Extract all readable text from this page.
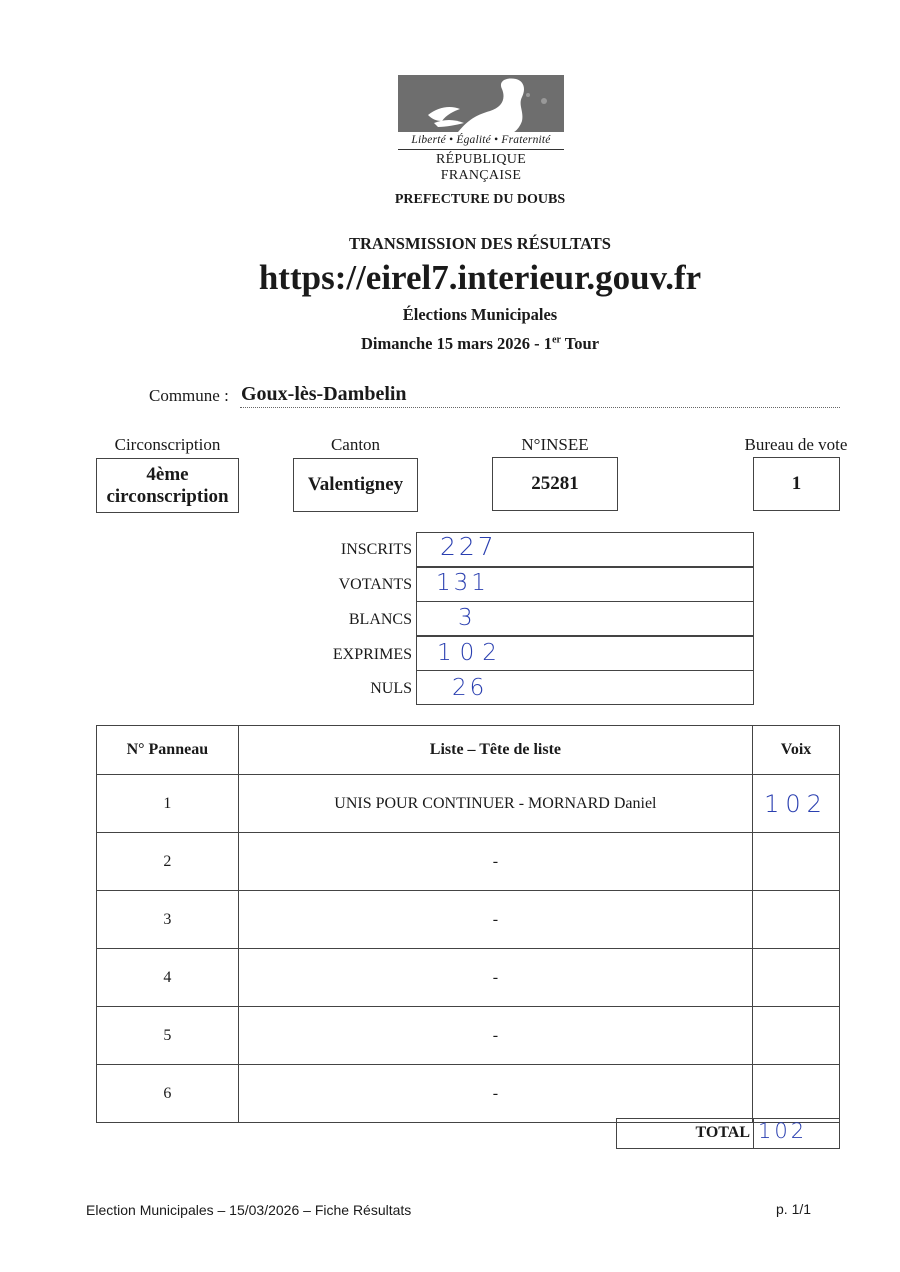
Liberté • Égalité • Fraternité
RÉPUBLIQUE FRANÇAISE
PREFECTURE DU DOUBS
TRANSMISSION DES RÉSULTATS
https://eirel7.interieur.gouv.fr
Élections Municipales
Dimanche 15 mars 2026 - 1er Tour
Commune : Goux-lès-Dambelin
Circonscription	Canton	N°INSEE	Bureau de vote
4ème
circonscription
Valentigney	25281	1
INSCRITS 227
VOTANTS 131
BLANCS 3
EXPRIMES 102
NULS 26
N° Panneau	Liste – Tête de liste	Voix
1	UNIS POUR CONTINUER - MORNARD Daniel	102
2	-	
3	-	
4	-	
5	-	
6	-	
TOTAL 102
Election Municipales – 15/03/2026 – Fiche Résultats	p. 1/1
